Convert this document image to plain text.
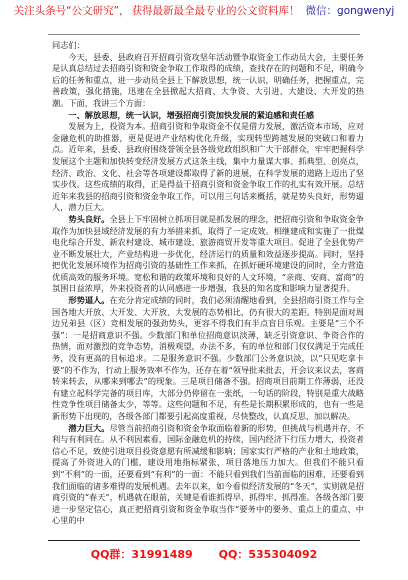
关注头条号“公文研究”， 获得最新最全最专业的公文资料库！ 微信：gongwenyj

同志们：

今天，县委、县政府召开招商引资攻坚年活动暨争取资金工作动员大会，主要任务是认真总结过去招商引资和资金争取工作取得的成绩，查找存在的问题和不足，明确今后的任务和重点，进一步动员全县上下解放思想，统一认识，明确任务，把握重点，完善政策，强化措施，迅速在全县掀起大招商、大争资、大引进、大建设、大开发的热潮。下面，我讲三个方面：

一、解放思想，统一认识，增强招商引资加快发展的紧迫感和责任感

发展为上，投资为本。招商引资和争取资金不仅是借力发展，激活资本市场，应对金融危机的助推器，更是促进产业结构优化升级，实现转型跨越发展的突破口和着力点。近年来，县委、县政府围绕誉领全县各级党政组织和广大干部群众，牢牢把握科学发展这个主题和加快转变经济发展方式这条主线，集中力量谋大事、抓典型、创亮点，经济、政治、文化、社会等各项建设都取得了新的进展，在科学发展的道路上迈出了坚实步伐。这些成绩的取得，正是得益于招商引资和资金争取工作的扎实有效开展。总结近年来我县的招商引资和资金争取工作，可以用三句话来概括，就是势头良好，形势逼人，潜力巨大。

势头良好。全县上下牢固树立抓项目就是抓发展的理念，把招商引资和争取资金争取作为加快县域经济发展的有力举措来抓，取得了一定成效。相继建成和实施了一批煤电化综合开发、新农村建设、城市建设、旅游商贸开发等重大项目。促进了全县优势产业不断发展壮大，产业结构进一步优化，经济运行的质量和效益逐步提高。同时，坚持把优化发展环境作为招商引资的基础性工作来抓，在抓好硬环境建设的同时，全力营造优质高效的服务环境。宽松和谐的政策环境和良好的人文环境，“亲商、安商、富商”的氛围日益浓厚，外来投资者的认同感进一步增强，我县的知名度和影响力显著提升。

形势逼人。在充分肯定成绩的同时，我们必须清醒地看到，全县招商引资工作与全国各地大开放、大开发、大开放、大发展的态势相比，仍有很大的差距。特别是面对周边兄弟县（区）竞相发展的强劲势头，更容不得我们有半点盲目乐观。主要是“三个不强”：一是招商意识不强。少数部门和单位招商意识淡薄，缺乏引资意识、争资合作的热情，面对激烈的竞争态势，消极观望，办法不多，有的单位和部门仅仅满足于完成任务，没有更高的目标追求。二是服务意识不强。少数部门公务意识淡，以“只见吃拿卡要”的不作为，行动上服务效率不作为，还存在着“领导批来批去，开会议来议去，客商转来转去，从哪来到哪去”的现象。三是项目储备不强。招商项目前期工作薄弱，还没有建立起科学完备的项目库，大部分仍停留在一张纸，一句话的阶段，特别是重大战略性竞争性项目储备太少，等等。这些问题和不足，有些是长期积累形成的，也有一些是新形势下出现的，各级各部门都要引起高度重视，尽快整改，认真反思，加以解决。

潜力巨大。尽管当前招商引资和资金争取面临着新的形势，但挑战与机遇并存，不利与有利同在。从不利因素看，国际金融危机的持续，国内经济下行压力增大，投资者信心不足，致使引进项目投资意愿有所减缓和影响；国家实行严格的产业和土地政策，提高了外资进入的门槛，建设用地指标紧张，项目落地压力加大。但我们不能只看到“不利”的一面，还要看到“有利”的一面：不能只看到我们当前面临的困难，还要看到我们面临的诸多难得的发展机遇。去年以来，如今看似经济发展的“冬天”，实则就是招商引资的“春天”，机遇就在眼前，关键是看谁抓得早、抓得牢、抓得准。各级各部门要进一步坚定信心，真正把招商引资和资金争取当作“要务中的要务、重点上的重点、中心里的中

QQ群：31991489 QQ：535304092
